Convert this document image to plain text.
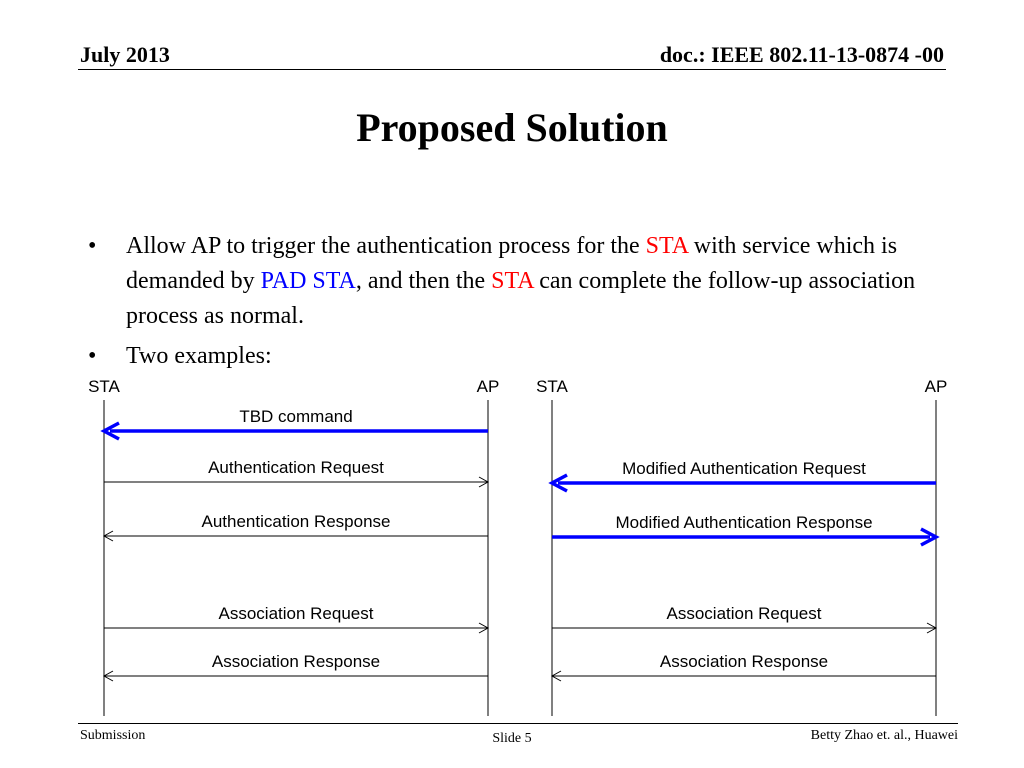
July 2013	doc.: IEEE 802.11-13-0874 -00
Proposed Solution
• Allow AP to trigger the authentication process for the STA with service which is demanded by PAD STA, and then the STA can complete the follow-up association process as normal.
• Two examples:
STA	AP
TBD command
Authentication Request
Authentication Response
Association Request
Association Response
STA	AP
Modified Authentication Request
Modified Authentication Response
Association Request
Association Response
Submission	Slide 5	Betty Zhao et. al., Huawei
